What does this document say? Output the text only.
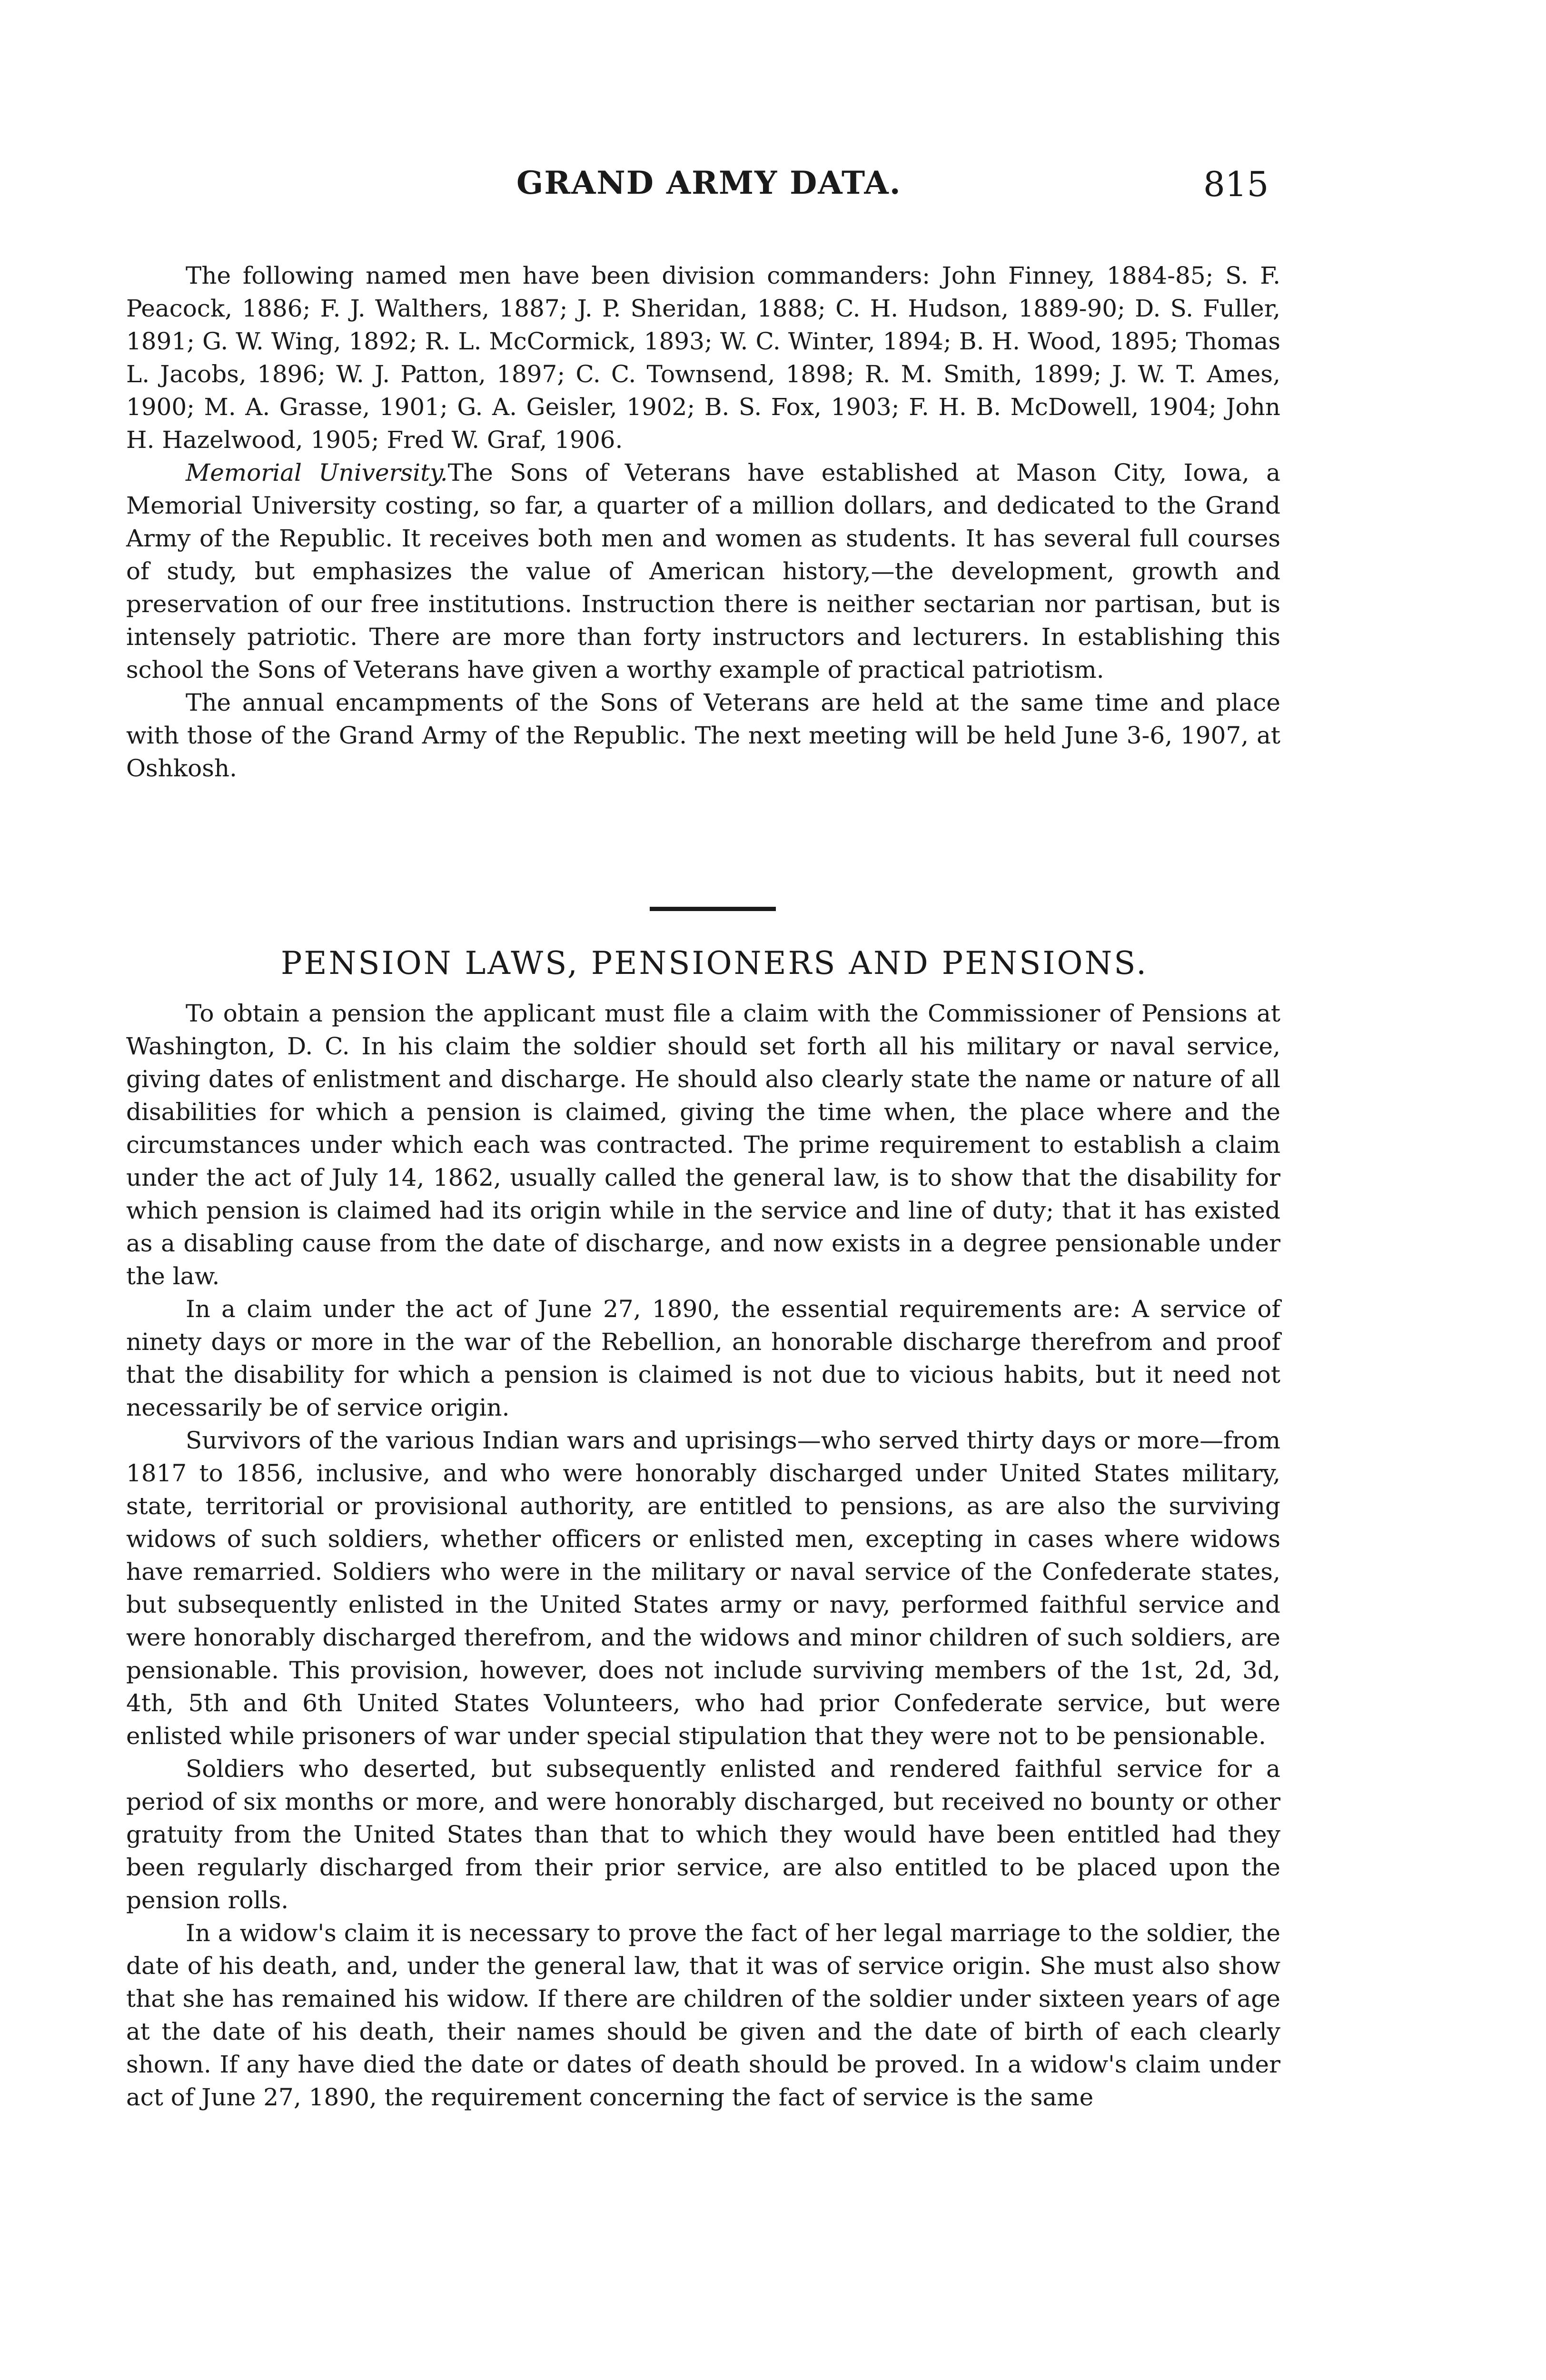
GRAND ARMY DATA.	815

The following named men have been division commanders: John Finney, 1884-85; S. F. Peacock, 1886; F. J. Walthers, 1887; J. P. Sheridan, 1888; C. H. Hudson, 1889-90; D. S. Fuller, 1891; G. W. Wing, 1892; R. L. McCormick, 1893; W. C. Winter, 1894; B. H. Wood, 1895; Thomas L. Jacobs, 1896; W. J. Patton, 1897; C. C. Townsend, 1898; R. M. Smith, 1899; J. W. T. Ames, 1900; M. A. Grasse, 1901; G. A. Geisler, 1902; B. S. Fox, 1903; F. H. B. McDowell, 1904; John H. Hazelwood, 1905; Fred W. Graf, 1906.

Memorial University.The Sons of Veterans have established at Mason City, Iowa, a Memorial University costing, so far, a quarter of a million dollars, and dedicated to the Grand Army of the Republic. It receives both men and women as students. It has several full courses of study, but emphasizes the value of American history,—the development, growth and preservation of our free institutions. Instruction there is neither sectarian nor partisan, but is intensely patriotic. There are more than forty instructors and lecturers. In establishing this school the Sons of Veterans have given a worthy example of practical patriotism.

The annual encampments of the Sons of Veterans are held at the same time and place with those of the Grand Army of the Republic. The next meeting will be held June 3-6, 1907, at Oshkosh.

PENSION LAWS, PENSIONERS AND PENSIONS.

To obtain a pension the applicant must file a claim with the Commissioner of Pensions at Washington, D. C. In his claim the soldier should set forth all his military or naval service, giving dates of enlistment and discharge. He should also clearly state the name or nature of all disabilities for which a pension is claimed, giving the time when, the place where and the circumstances under which each was contracted. The prime requirement to establish a claim under the act of July 14, 1862, usually called the general law, is to show that the disability for which pension is claimed had its origin while in the service and line of duty; that it has existed as a disabling cause from the date of discharge, and now exists in a degree pensionable under the law.

In a claim under the act of June 27, 1890, the essential requirements are: A service of ninety days or more in the war of the Rebellion, an honorable discharge therefrom and proof that the disability for which a pension is claimed is not due to vicious habits, but it need not necessarily be of service origin.

Survivors of the various Indian wars and uprisings—who served thirty days or more—from 1817 to 1856, inclusive, and who were honorably discharged under United States military, state, territorial or provisional authority, are entitled to pensions, as are also the surviving widows of such soldiers, whether officers or enlisted men, excepting in cases where widows have remarried. Soldiers who were in the military or naval service of the Confederate states, but subsequently enlisted in the United States army or navy, performed faithful service and were honorably discharged therefrom, and the widows and minor children of such soldiers, are pensionable. This provision, however, does not include surviving members of the 1st, 2d, 3d, 4th, 5th and 6th United States Volunteers, who had prior Confederate service, but were enlisted while prisoners of war under special stipulation that they were not to be pensionable.

Soldiers who deserted, but subsequently enlisted and rendered faithful service for a period of six months or more, and were honorably discharged, but received no bounty or other gratuity from the United States than that to which they would have been entitled had they been regularly discharged from their prior service, are also entitled to be placed upon the pension rolls.

In a widow's claim it is necessary to prove the fact of her legal marriage to the soldier, the date of his death, and, under the general law, that it was of service origin. She must also show that she has remained his widow. If there are children of the soldier under sixteen years of age at the date of his death, their names should be given and the date of birth of each clearly shown. If any have died the date or dates of death should be proved. In a widow's claim under act of June 27, 1890, the requirement concerning the fact of service is the same
